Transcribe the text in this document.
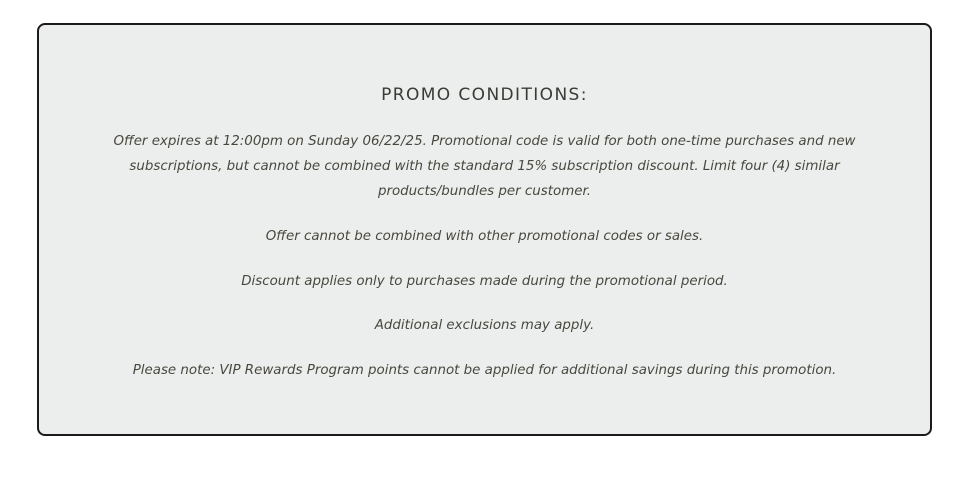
PROMO CONDITIONS:

Offer expires at 12:00pm on Sunday 06/22/25. Promotional code is valid for both one-time purchases and new
subscriptions, but cannot be combined with the standard 15% subscription discount. Limit four (4) similar
products/bundles per customer.

Offer cannot be combined with other promotional codes or sales.

Discount applies only to purchases made during the promotional period.

Additional exclusions may apply.

Please note: VIP Rewards Program points cannot be applied for additional savings during this promotion.
